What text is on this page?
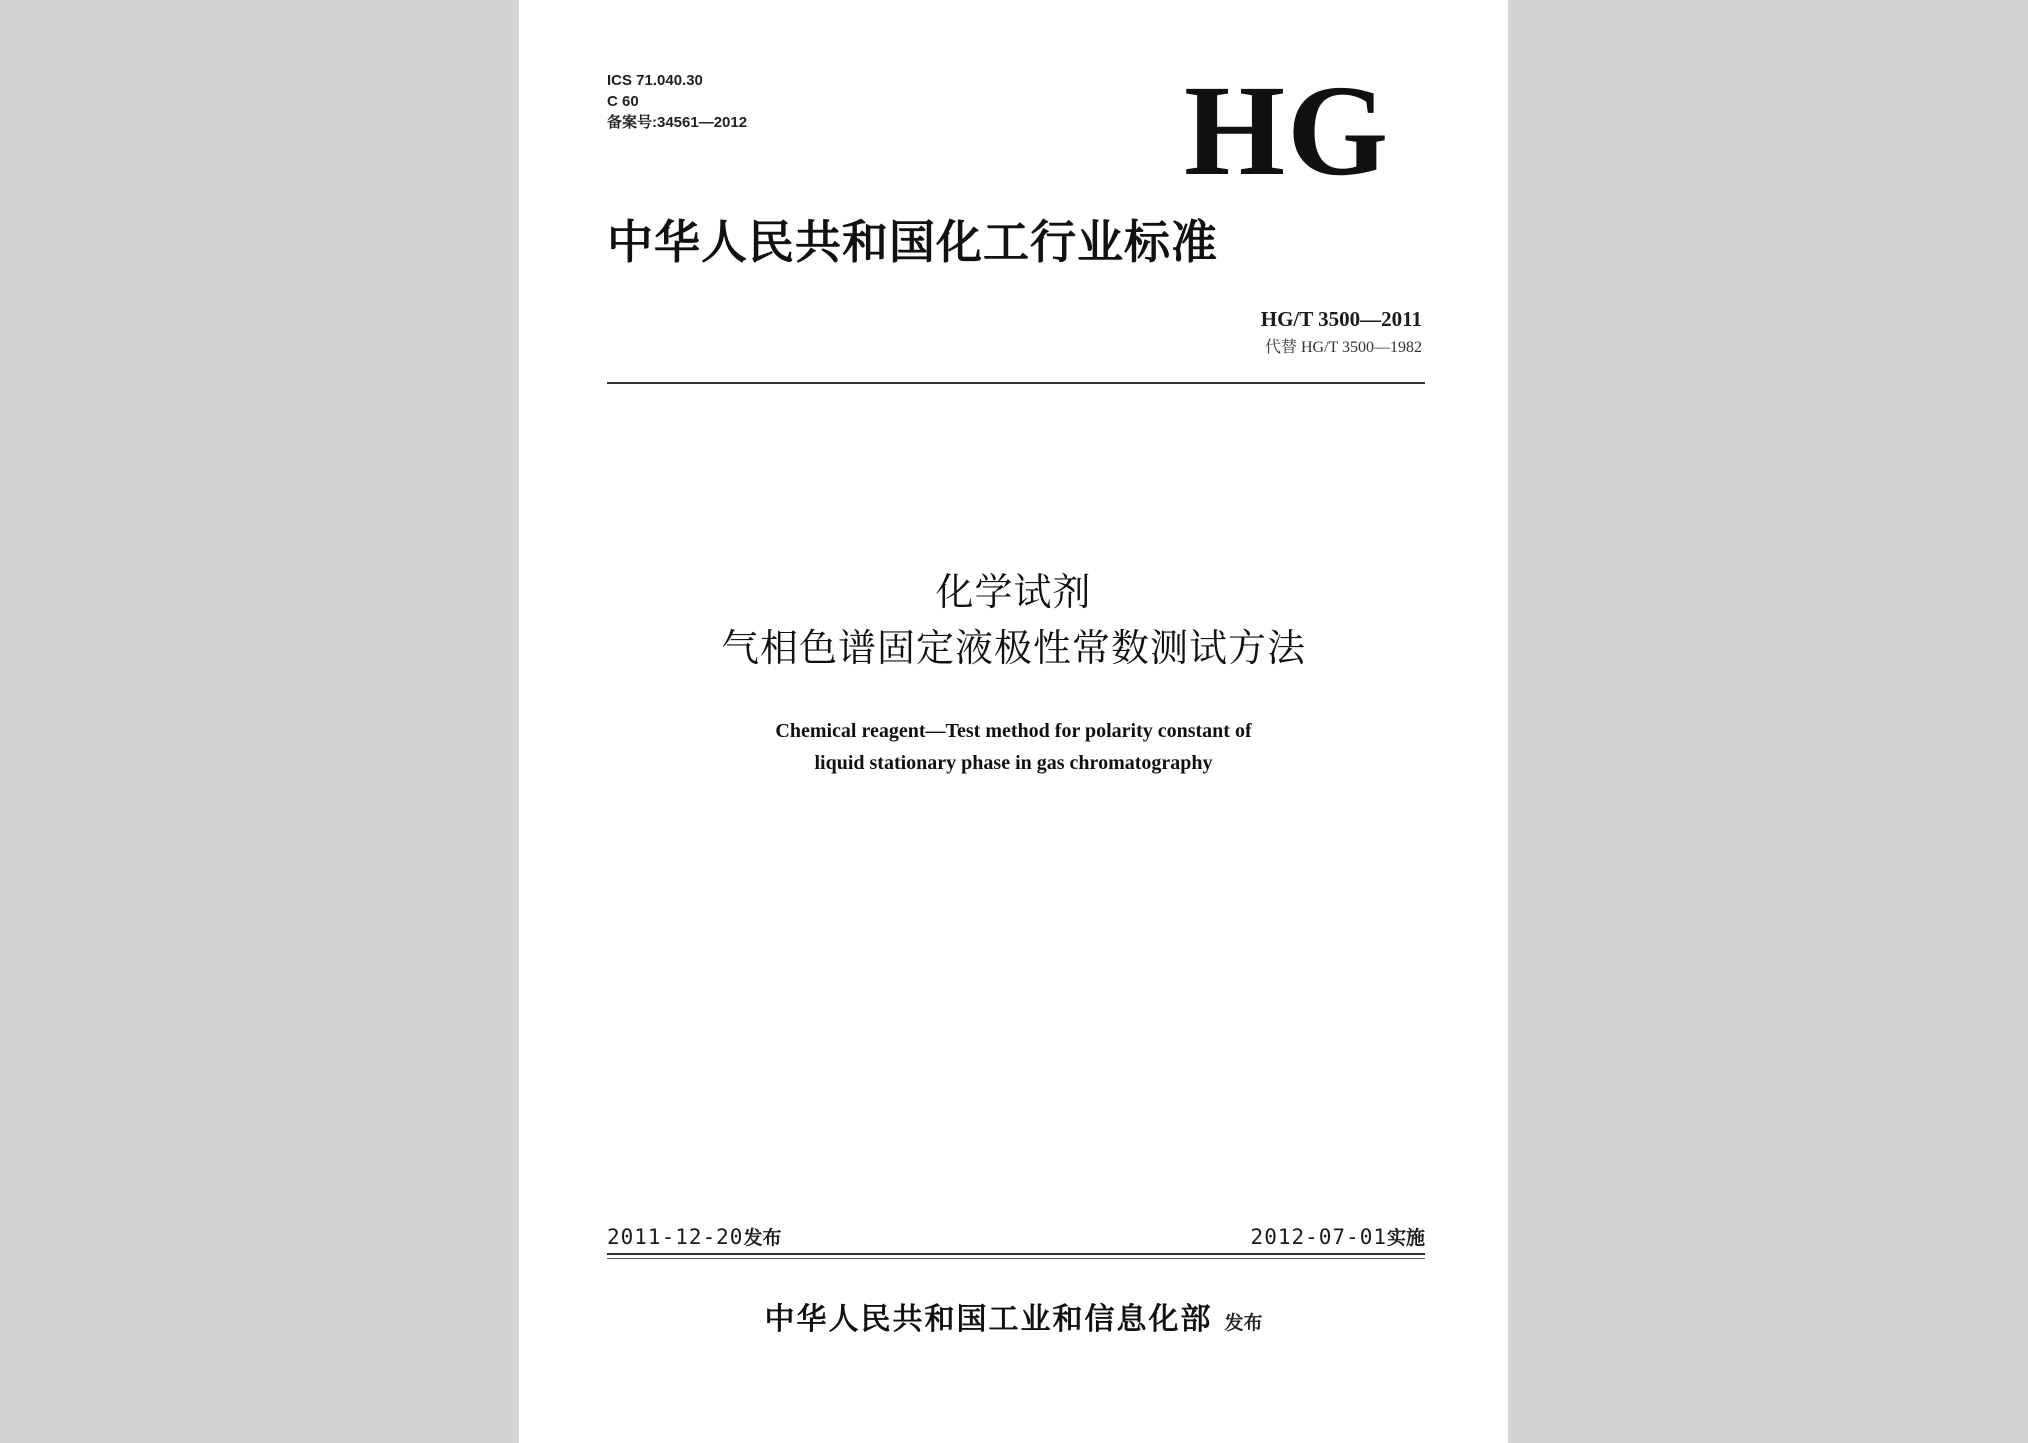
ICS 71.040.30
C 60
备案号:34561—2012	HG
中华人民共和国化工行业标准
HG/T 3500—2011
代替 HG/T 3500—1982
化学试剂
气相色谱固定液极性常数测试方法
Chemical reagent—Test method for polarity constant of
liquid stationary phase in gas chromatography
2011-12-20发布	2012-07-01实施
中华人民共和国工业和信息化部 发布
